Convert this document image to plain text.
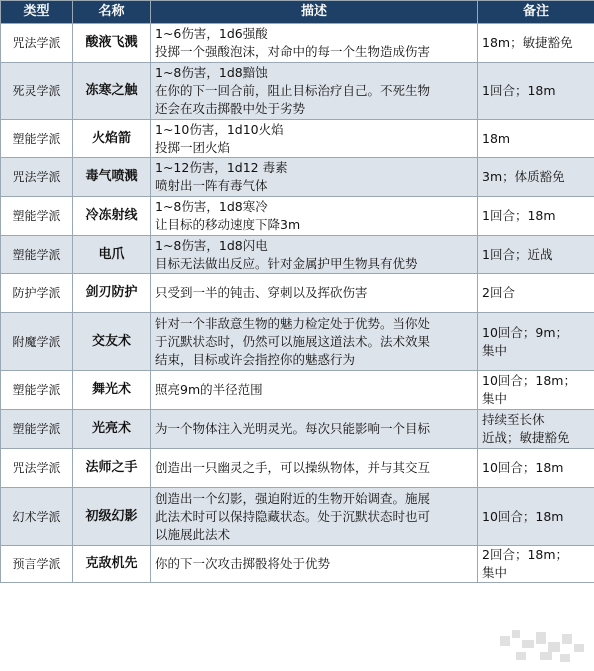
类型	名称	描述	备注
咒法学派	酸液飞溅	1~6伤害，1d6强酸
投掷一个强酸泡沫，对命中的每一个生物造成伤害	18m；敏捷豁免

死灵学派	冻寒之触	1~8伤害，1d8黯蚀
在你的下一回合前，阻止目标治疗自己。不死生物
还会在攻击掷骰中处于劣势	1回合；18m

塑能学派	火焰箭	1~10伤害，1d10火焰
投掷一团火焰	18m

咒法学派	毒气喷溅	1~12伤害，1d12 毒素
喷射出一阵有毒气体	3m；体质豁免

塑能学派	冷冻射线	1~8伤害，1d8寒冷
让目标的移动速度下降3m	1回合；18m

塑能学派	电爪	1~8伤害，1d8闪电
目标无法做出反应。针对金属护甲生物具有优势	1回合；近战

防护学派	剑刃防护	只受到一半的钝击、穿刺以及挥砍伤害	2回合

附魔学派	交友术	针对一个非敌意生物的魅力检定处于优势。当你处
于沉默状态时，仍然可以施展这道法术。法术效果
结束，目标或许会指控你的魅惑行为	10回合；9m；
集中

塑能学派	舞光术	照亮9m的半径范围	10回合；18m；
集中

塑能学派	光亮术	为一个物体注入光明灵光。每次只能影响一个目标	持续至长休
近战；敏捷豁免

咒法学派	法师之手	创造出一只幽灵之手，可以操纵物体，并与其交互	10回合；18m

幻术学派	初级幻影	创造出一个幻影，强迫附近的生物开始调查。施展
此法术时可以保持隐藏状态。处于沉默状态时也可
以施展此法术	10回合；18m

预言学派	克敌机先	你的下一次攻击掷骰将处于优势	2回合；18m；
集中
